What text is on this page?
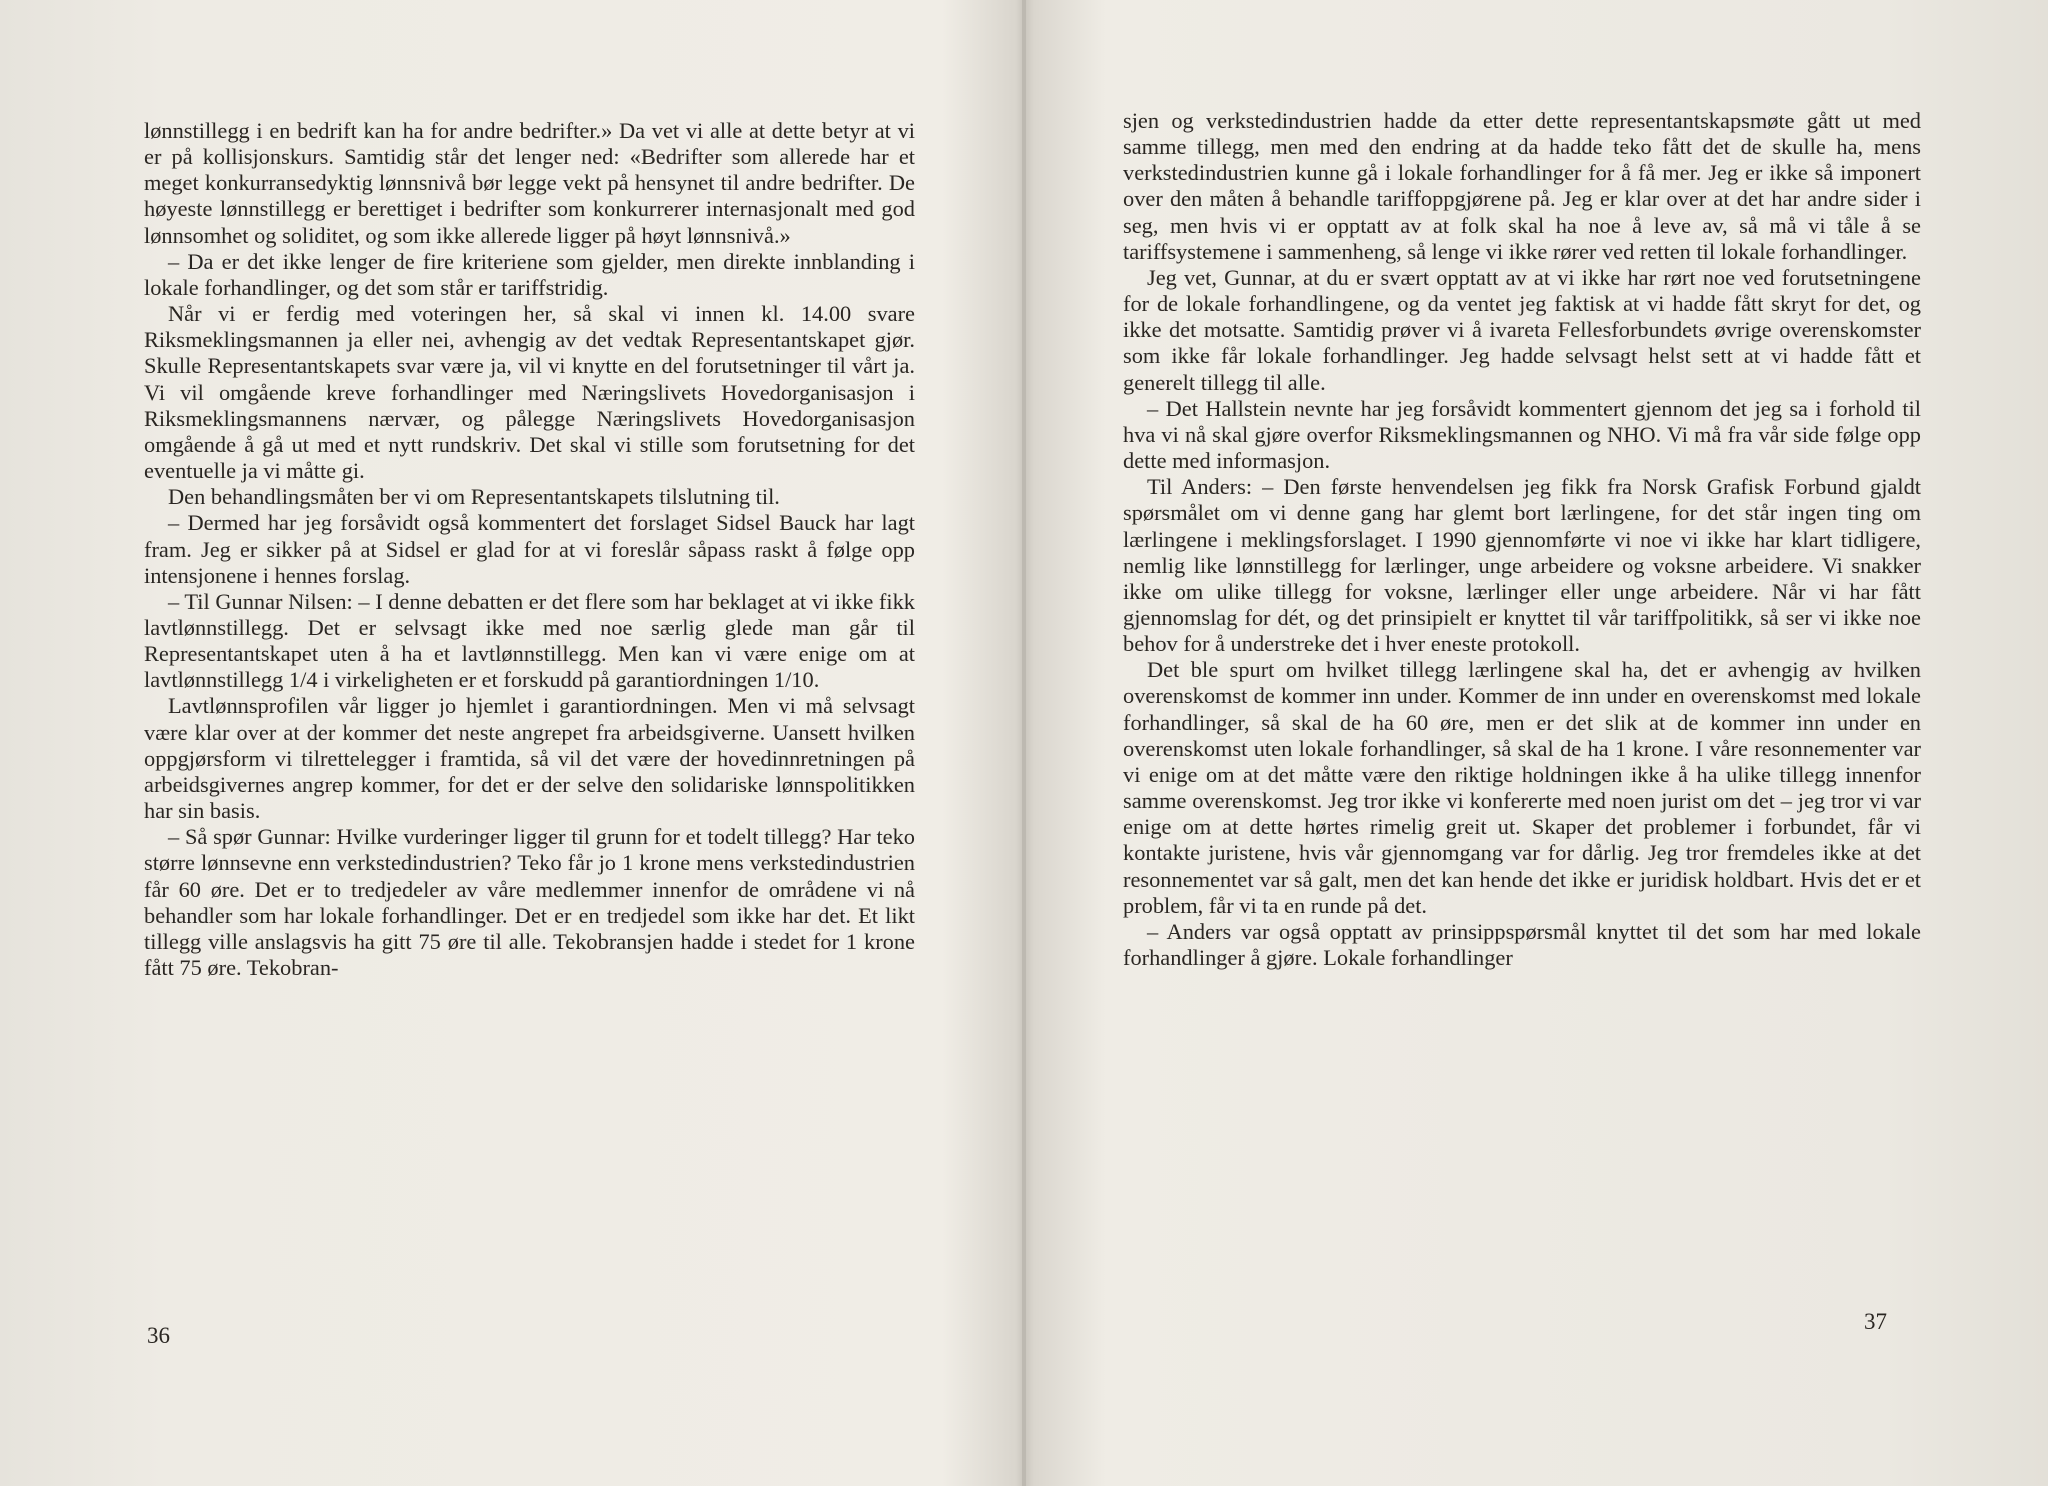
lønnstillegg i en bedrift kan ha for andre bedrifter.» Da vet vi alle at dette betyr at vi er på kollisjonskurs. Samtidig står det lenger ned: «Bedrifter som allerede har et meget konkurransedyktig lønnsnivå bør legge vekt på hensynet til andre bedrifter. De høyeste lønnstillegg er berettiget i bedrifter som konkurrerer internasjonalt med god lønnsomhet og soliditet, og som ikke allerede ligger på høyt lønnsnivå.»

– Da er det ikke lenger de fire kriteriene som gjelder, men direkte innblanding i lokale forhandlinger, og det som står er tariffstridig.

Når vi er ferdig med voteringen her, så skal vi innen kl. 14.00 svare Riksmeklingsmannen ja eller nei, avhengig av det vedtak Representantskapet gjør. Skulle Representantskapets svar være ja, vil vi knytte en del forutsetninger til vårt ja. Vi vil omgående kreve forhandlinger med Næringslivets Hovedorganisasjon i Riksmeklingsmannens nærvær, og pålegge Næringslivets Hovedorganisasjon omgående å gå ut med et nytt rundskriv. Det skal vi stille som forutsetning for det eventuelle ja vi måtte gi.

Den behandlingsmåten ber vi om Representantskapets tilslutning til.

– Dermed har jeg forsåvidt også kommentert det forslaget Sidsel Bauck har lagt fram. Jeg er sikker på at Sidsel er glad for at vi foreslår såpass raskt å følge opp intensjonene i hennes forslag.

– Til Gunnar Nilsen: – I denne debatten er det flere som har beklaget at vi ikke fikk lavtlønnstillegg. Det er selvsagt ikke med noe særlig glede man går til Representantskapet uten å ha et lavtlønnstillegg. Men kan vi være enige om at lavtlønnstillegg 1/4 i virkeligheten er et forskudd på garantiordningen 1/10.

Lavtlønnsprofilen vår ligger jo hjemlet i garantiordningen. Men vi må selvsagt være klar over at der kommer det neste angrepet fra arbeidsgiverne. Uansett hvilken oppgjørsform vi tilrettelegger i framtida, så vil det være der hovedinnretningen på arbeidsgivernes angrep kommer, for det er der selve den solidariske lønnspolitikken har sin basis.

– Så spør Gunnar: Hvilke vurderinger ligger til grunn for et todelt tillegg? Har teko større lønnsevne enn verkstedindustrien? Teko får jo 1 krone mens verkstedindustrien får 60 øre. Det er to tredjedeler av våre medlemmer innenfor de områdene vi nå behandler som har lokale forhandlinger. Det er en tredjedel som ikke har det. Et likt tillegg ville anslagsvis ha gitt 75 øre til alle. Tekobransjen hadde i stedet for 1 krone fått 75 øre. Tekobran-

36

sjen og verkstedindustrien hadde da etter dette representantskapsmøte gått ut med samme tillegg, men med den endring at da hadde teko fått det de skulle ha, mens verkstedindustrien kunne gå i lokale forhandlinger for å få mer. Jeg er ikke så imponert over den måten å behandle tariffoppgjørene på. Jeg er klar over at det har andre sider i seg, men hvis vi er opptatt av at folk skal ha noe å leve av, så må vi tåle å se tariffsystemene i sammenheng, så lenge vi ikke rører ved retten til lokale forhandlinger.

Jeg vet, Gunnar, at du er svært opptatt av at vi ikke har rørt noe ved forutsetningene for de lokale forhandlingene, og da ventet jeg faktisk at vi hadde fått skryt for det, og ikke det motsatte. Samtidig prøver vi å ivareta Fellesforbundets øvrige overenskomster som ikke får lokale forhandlinger. Jeg hadde selvsagt helst sett at vi hadde fått et generelt tillegg til alle.

– Det Hallstein nevnte har jeg forsåvidt kommentert gjennom det jeg sa i forhold til hva vi nå skal gjøre overfor Riksmeklingsmannen og NHO. Vi må fra vår side følge opp dette med informasjon.

Til Anders: – Den første henvendelsen jeg fikk fra Norsk Grafisk Forbund gjaldt spørsmålet om vi denne gang har glemt bort lærlingene, for det står ingen ting om lærlingene i meklingsforslaget. I 1990 gjennomførte vi noe vi ikke har klart tidligere, nemlig like lønnstillegg for lærlinger, unge arbeidere og voksne arbeidere. Vi snakker ikke om ulike tillegg for voksne, lærlinger eller unge arbeidere. Når vi har fått gjennomslag for dét, og det prinsipielt er knyttet til vår tariffpolitikk, så ser vi ikke noe behov for å understreke det i hver eneste protokoll.

Det ble spurt om hvilket tillegg lærlingene skal ha, det er avhengig av hvilken overenskomst de kommer inn under. Kommer de inn under en overenskomst med lokale forhandlinger, så skal de ha 60 øre, men er det slik at de kommer inn under en overenskomst uten lokale forhandlinger, så skal de ha 1 krone. I våre resonnementer var vi enige om at det måtte være den riktige holdningen ikke å ha ulike tillegg innenfor samme overenskomst. Jeg tror ikke vi konfererte med noen jurist om det – jeg tror vi var enige om at dette hørtes rimelig greit ut. Skaper det problemer i forbundet, får vi kontakte juristene, hvis vår gjennomgang var for dårlig. Jeg tror fremdeles ikke at det resonnementet var så galt, men det kan hende det ikke er juridisk holdbart. Hvis det er et problem, får vi ta en runde på det.

– Anders var også opptatt av prinsippspørsmål knyttet til det som har med lokale forhandlinger å gjøre. Lokale forhandlinger

37
